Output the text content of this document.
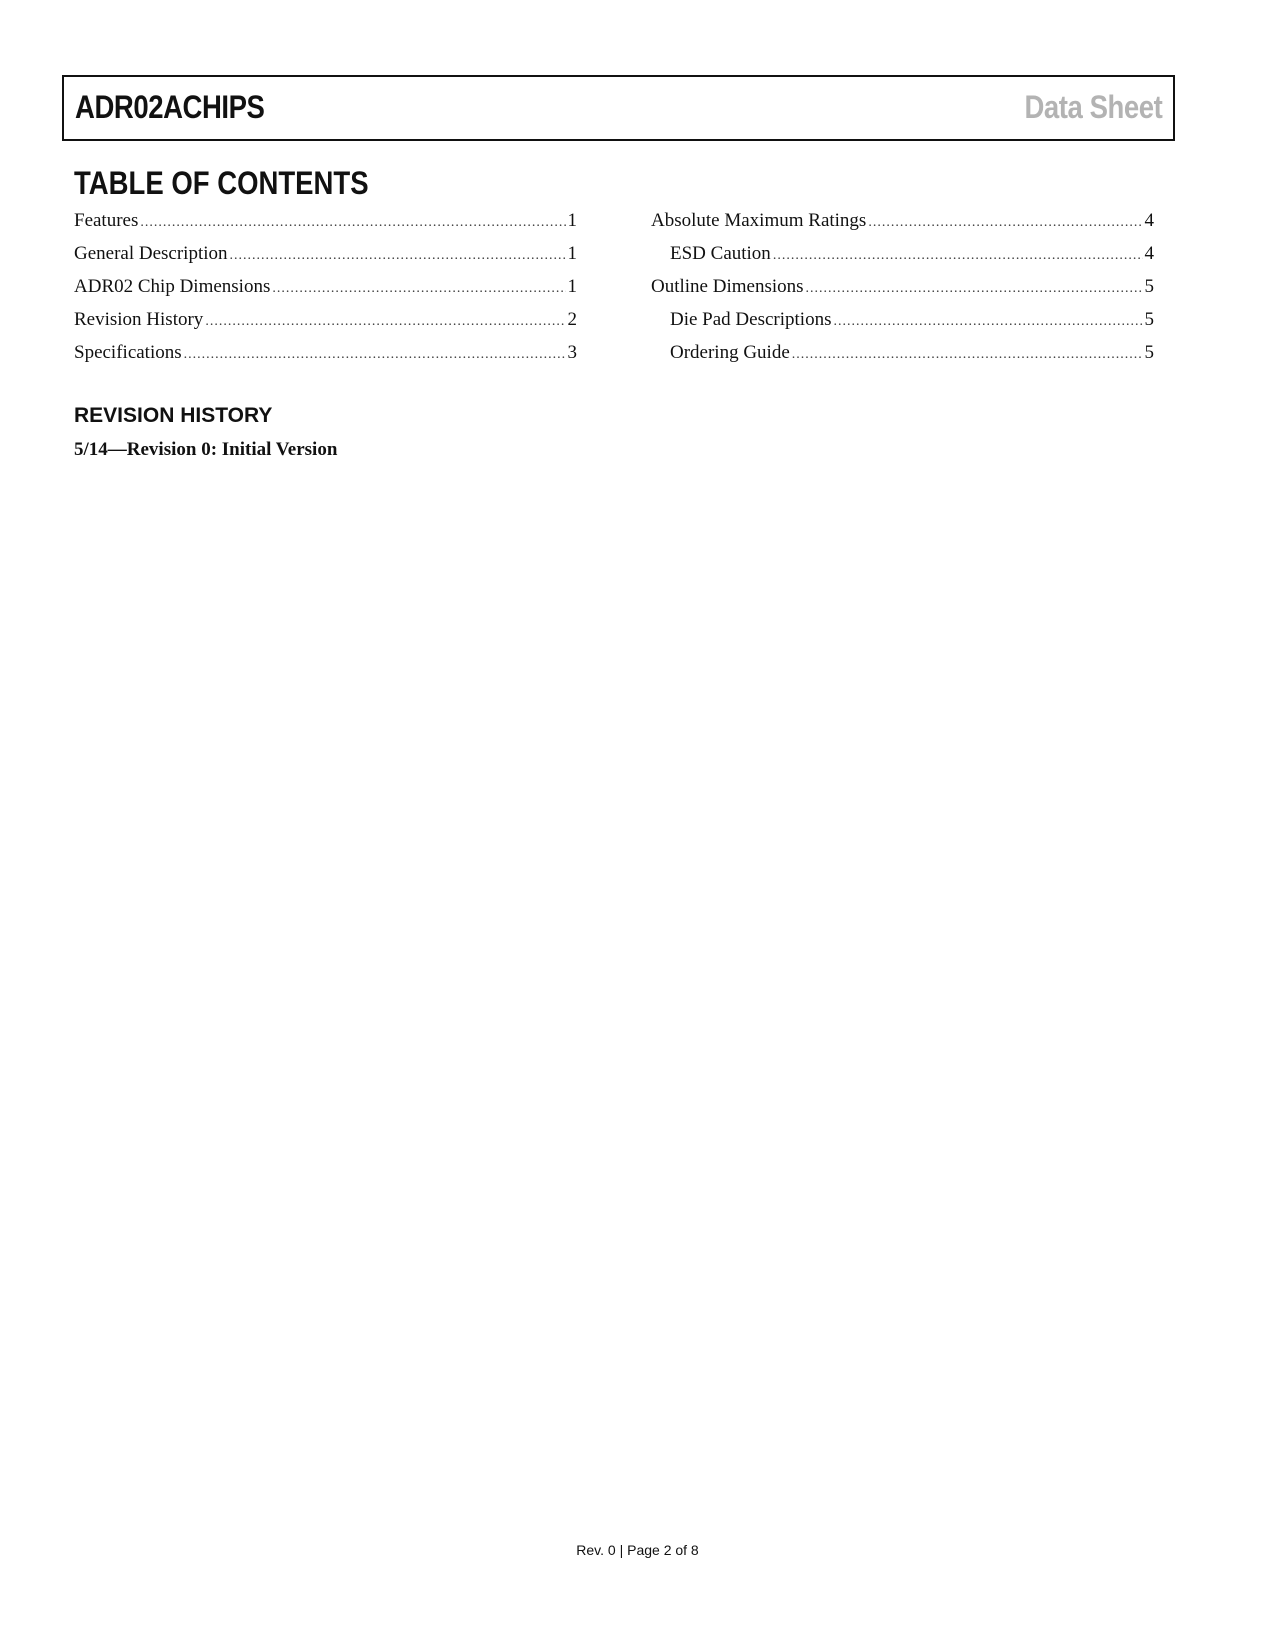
ADR02ACHIPS	Data Sheet
TABLE OF CONTENTS
Features .....	1
General Description .....	1
ADR02 Chip Dimensions .....	1
Revision History .....	2
Specifications .....	3
Absolute Maximum Ratings .....	4
ESD Caution .....	4
Outline Dimensions .....	5
Die Pad Descriptions .....	5
Ordering Guide .....	5
REVISION HISTORY
5/14—Revision 0: Initial Version
Rev. 0 | Page 2 of 8
